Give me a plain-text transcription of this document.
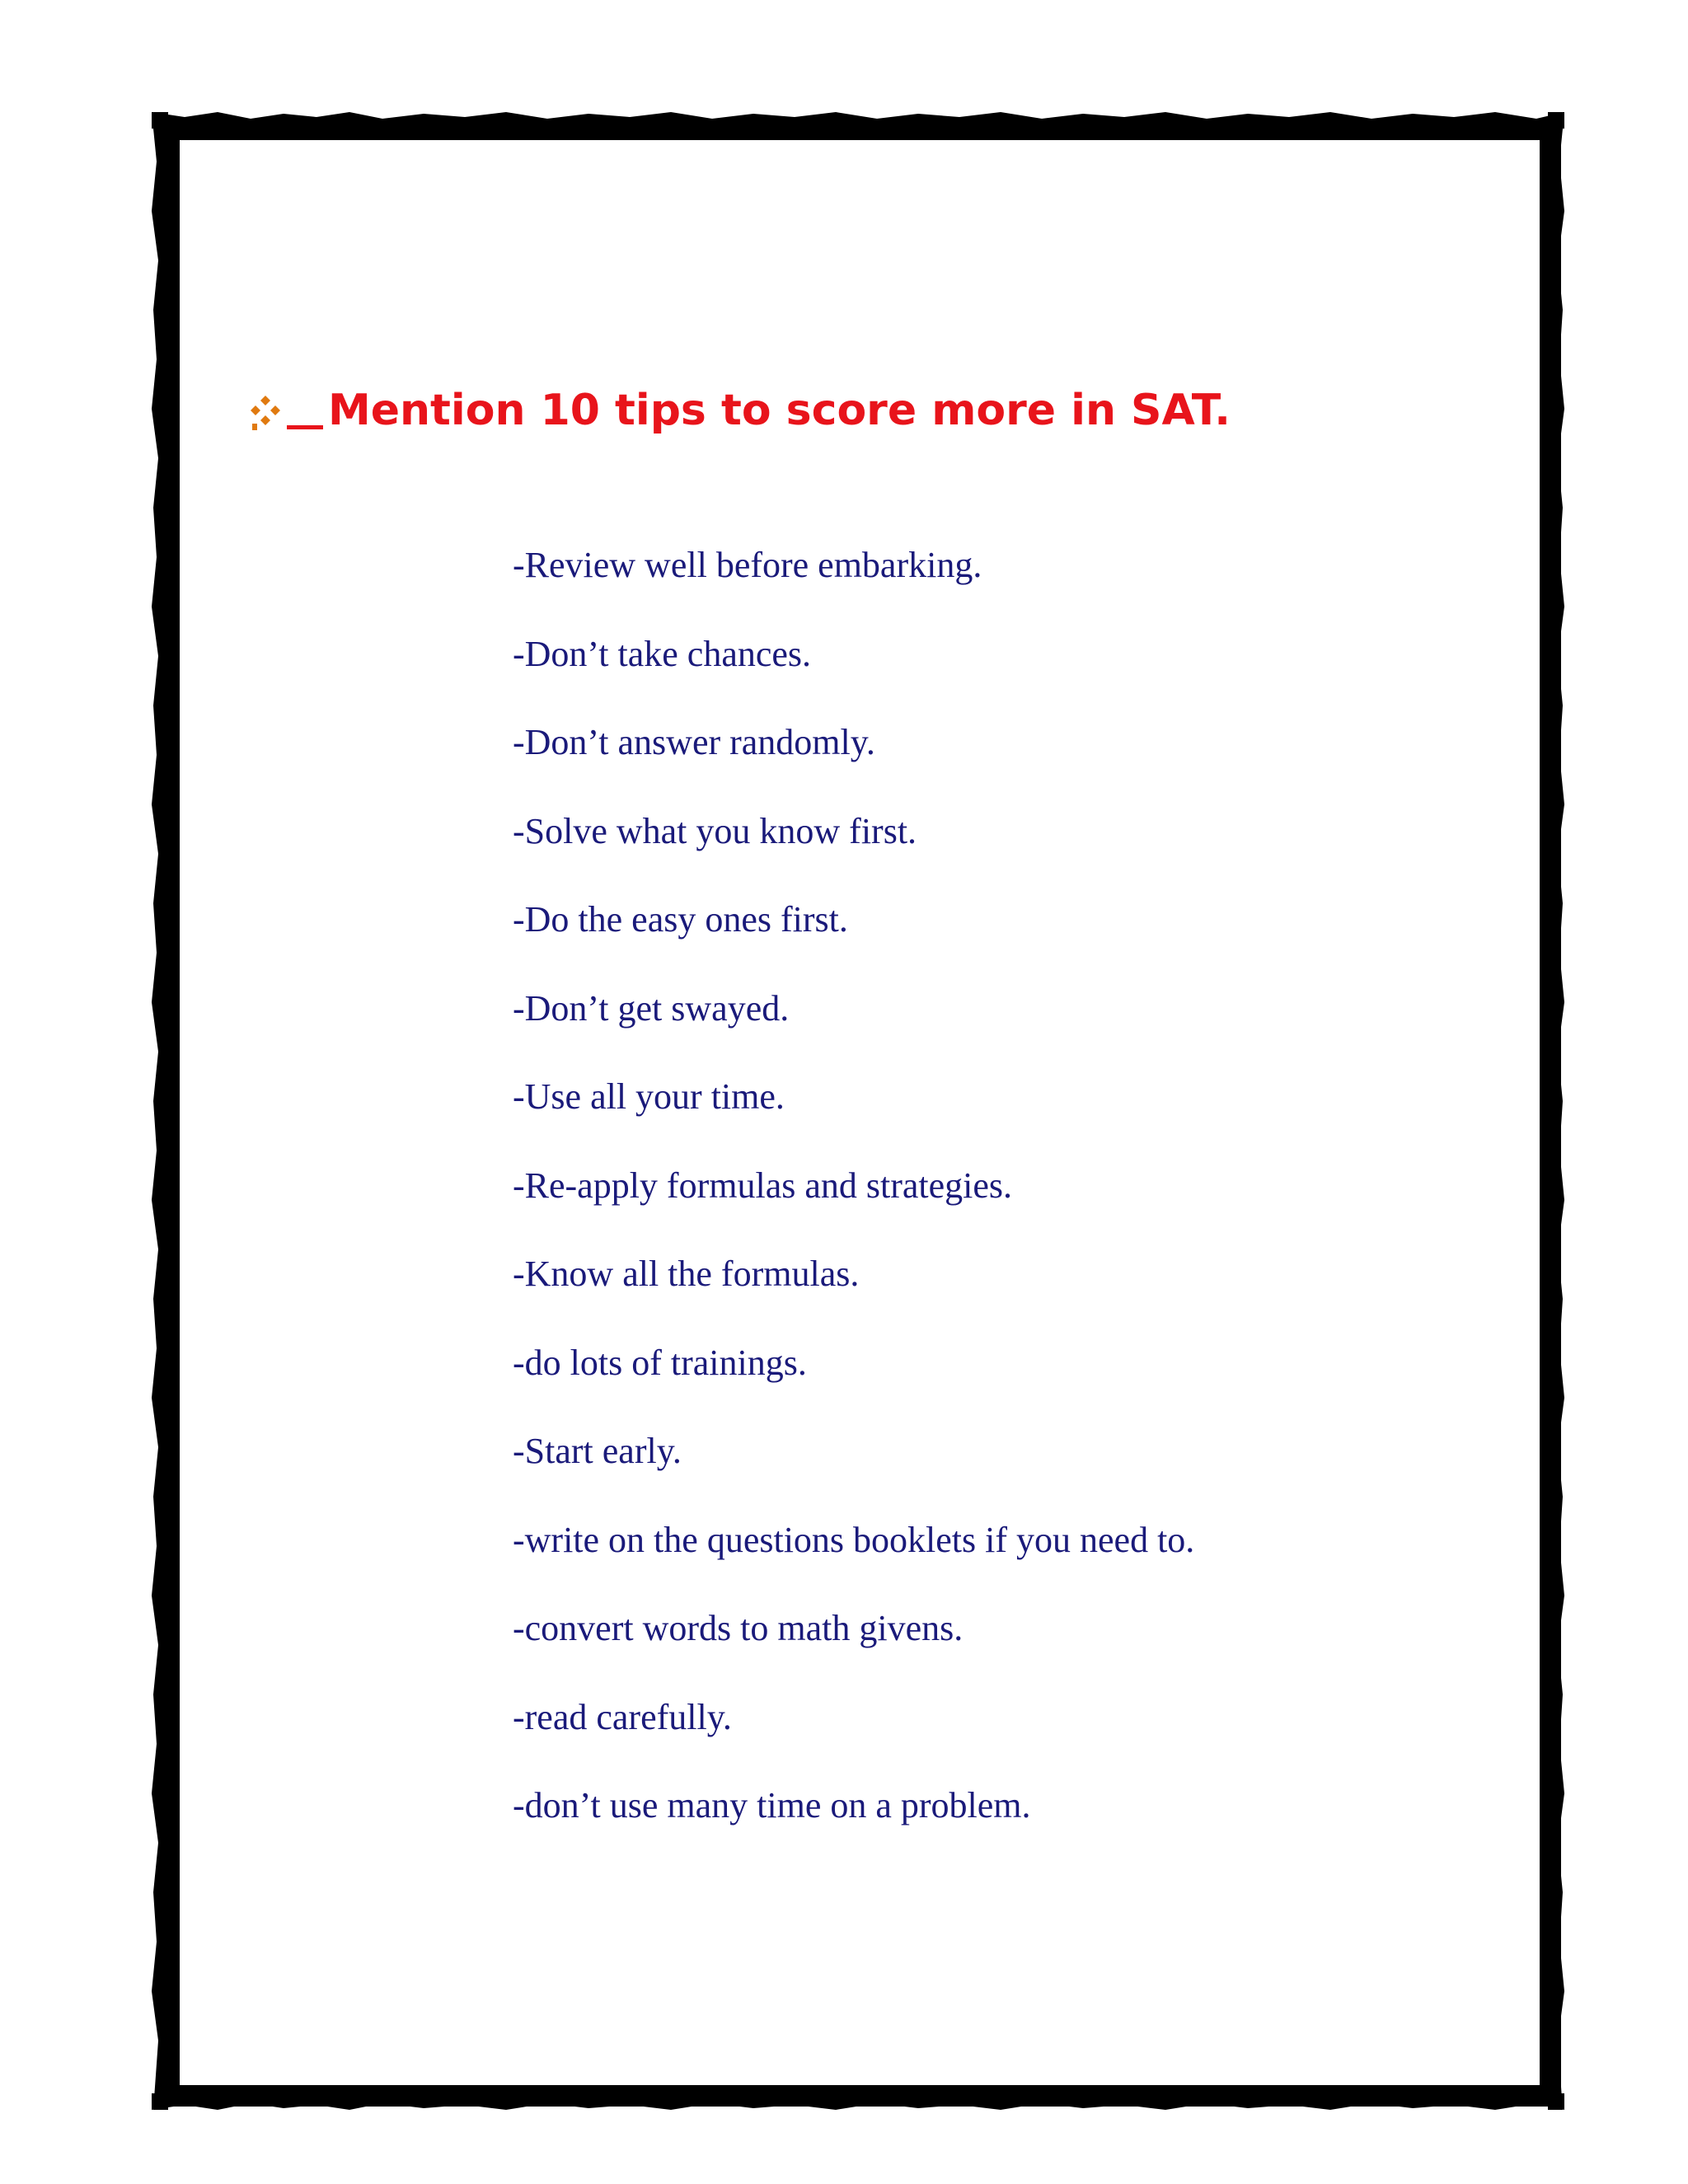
Mention 10 tips to score more in SAT.
-Review well before embarking.
-Don’t take chances.
-Don’t answer randomly.
-Solve what you know first.
-Do the easy ones first.
-Don’t get swayed.
-Use all your time.
-Re-apply formulas and strategies.
-Know all the formulas.
-do lots of trainings.
-Start early.
-write on the questions booklets if you need to.
-convert words to math givens.
-read carefully.
-don’t use many time on a problem.
